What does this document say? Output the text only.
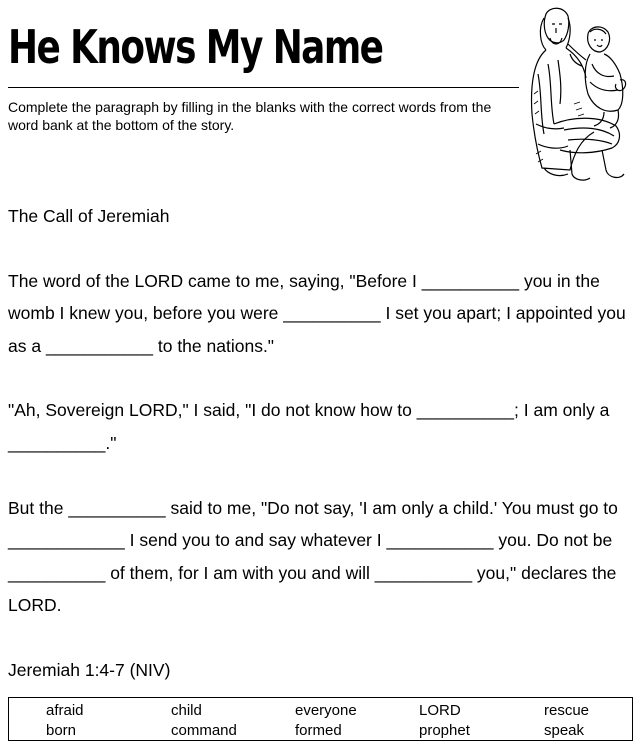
He Knows My Name
Complete the paragraph by filling in the blanks with the correct words from the word bank at the bottom of the story.

The Call of Jeremiah

The word of the LORD came to me, saying, "Before I __________ you in the womb I knew you, before you were __________ I set you apart; I appointed you as a ___________ to the nations."

"Ah, Sovereign LORD," I said, "I do not know how to __________; I am only a __________."

But the __________ said to me, "Do not say, 'I am only a child.' You must go to ____________ I send you to and say whatever I ___________ you. Do not be __________ of them, for I am with you and will __________ you," declares the LORD.

Jeremiah 1:4-7 (NIV)

afraid
born
child
command
everyone
formed
LORD
prophet
rescue
speak
